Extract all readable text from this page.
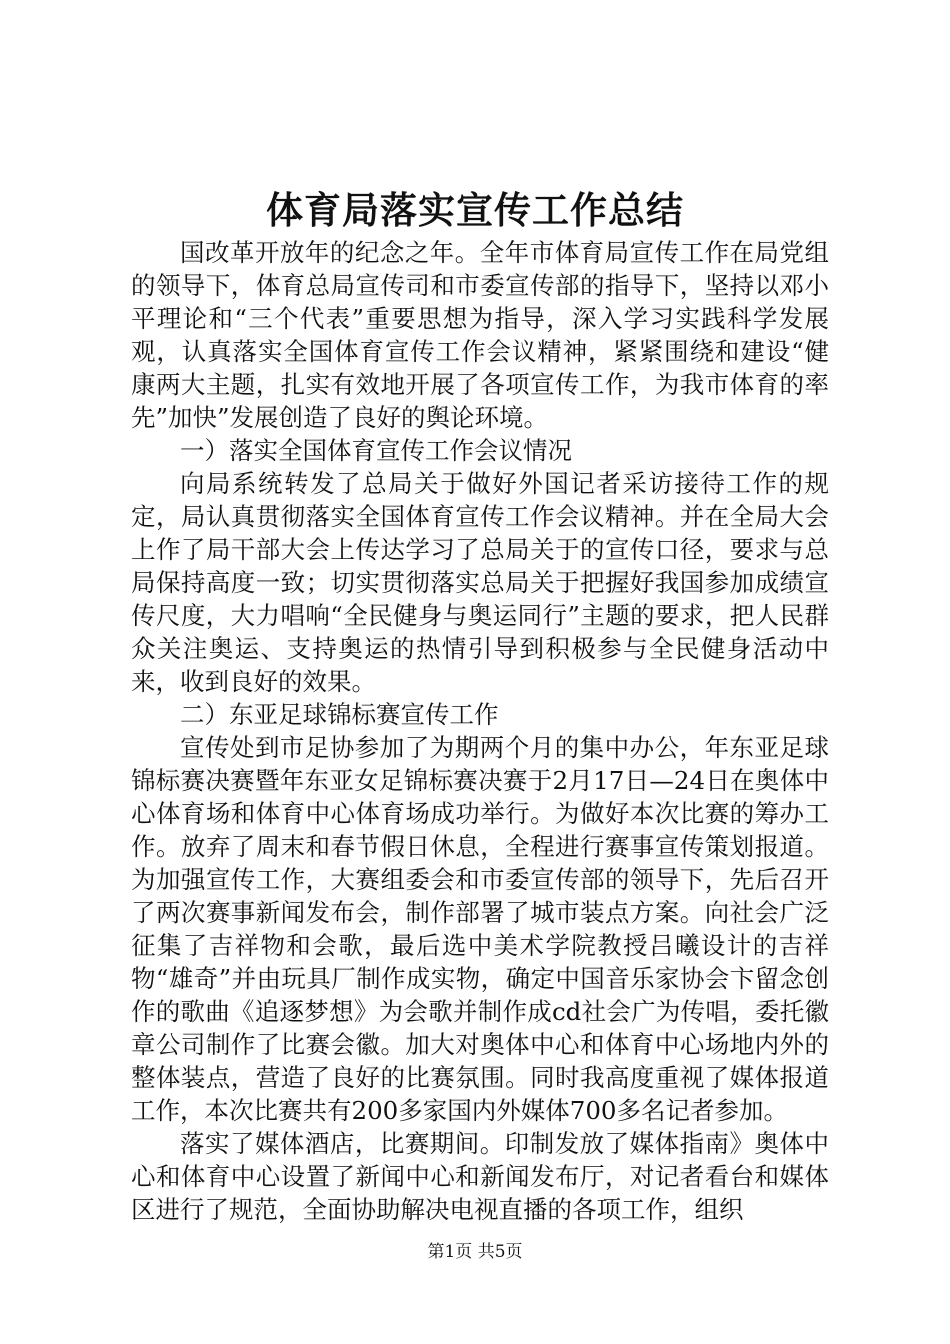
体育局落实宣传工作总结

国改革开放年的纪念之年。全年市体育局宣传工作在局党组的领导下，体育总局宣传司和市委宣传部的指导下，坚持以邓小平理论和“三个代表”重要思想为指导，深入学习实践科学发展观，认真落实全国体育宣传工作会议精神，紧紧围绕和建设“健康两大主题，扎实有效地开展了各项宣传工作，为我市体育的率先”加快”发展创造了良好的舆论环境。

一）落实全国体育宣传工作会议情况

向局系统转发了总局关于做好外国记者采访接待工作的规定，局认真贯彻落实全国体育宣传工作会议精神。并在全局大会上作了局干部大会上传达学习了总局关于的宣传口径，要求与总局保持高度一致；切实贯彻落实总局关于把握好我国参加成绩宣传尺度，大力唱响“全民健身与奥运同行”主题的要求，把人民群众关注奥运、支持奥运的热情引导到积极参与全民健身活动中来，收到良好的效果。

二）东亚足球锦标赛宣传工作

宣传处到市足协参加了为期两个月的集中办公，年东亚足球锦标赛决赛暨年东亚女足锦标赛决赛于2月17日—24日在奥体中心体育场和体育中心体育场成功举行。为做好本次比赛的筹办工作。放弃了周末和春节假日休息，全程进行赛事宣传策划报道。为加强宣传工作，大赛组委会和市委宣传部的领导下，先后召开了两次赛事新闻发布会，制作部署了城市装点方案。向社会广泛征集了吉祥物和会歌，最后选中美术学院教授吕曦设计的吉祥物“雄奇”并由玩具厂制作成实物，确定中国音乐家协会卞留念创作的歌曲《追逐梦想》为会歌并制作成cd社会广为传唱，委托徽章公司制作了比赛会徽。加大对奥体中心和体育中心场地内外的整体装点，营造了良好的比赛氛围。同时我高度重视了媒体报道工作，本次比赛共有200多家国内外媒体700多名记者参加。

落实了媒体酒店，比赛期间。印制发放了媒体指南》奥体中心和体育中心设置了新闻中心和新闻发布厅，对记者看台和媒体区进行了规范，全面协助解决电视直播的各项工作，组织

第1页 共5页
